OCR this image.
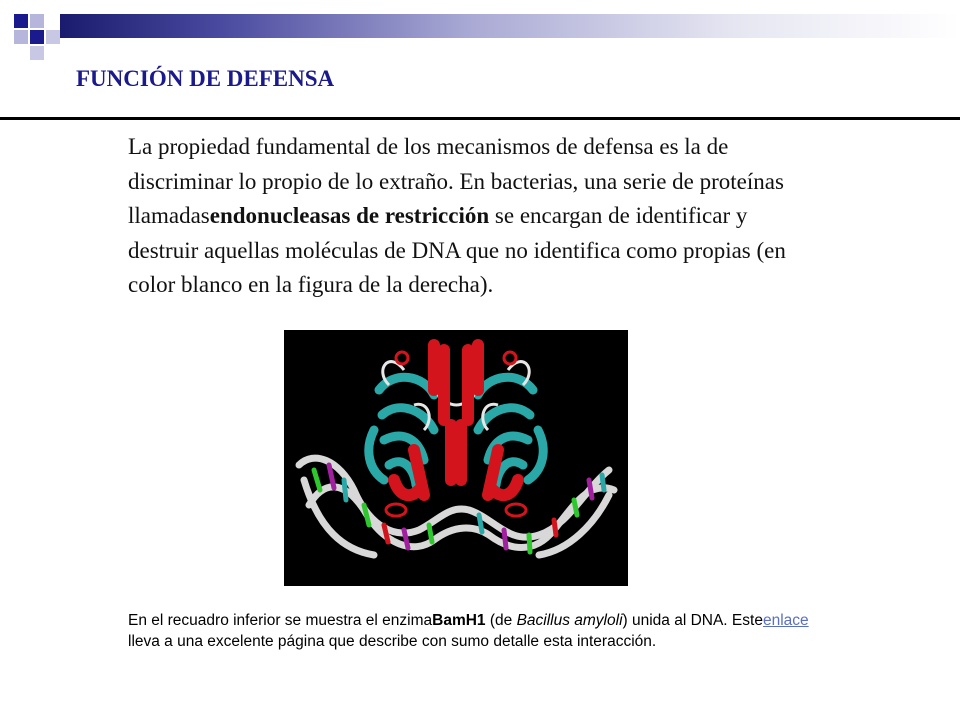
FUNCIÓN DE DEFENSA

La propiedad fundamental de los mecanismos de defensa es la de discriminar lo propio de lo extraño. En bacterias, una serie de proteínas llamadasendonucleasas de restricción se encargan de identificar y destruir aquellas moléculas de DNA que no identifica como propias (en color blanco en la figura de la derecha).

En el recuadro inferior se muestra el enzimaBamH1 (de Bacillus amyloli) unida al DNA. Esteenlace lleva a una excelente página que describe con sumo detalle esta interacción.
